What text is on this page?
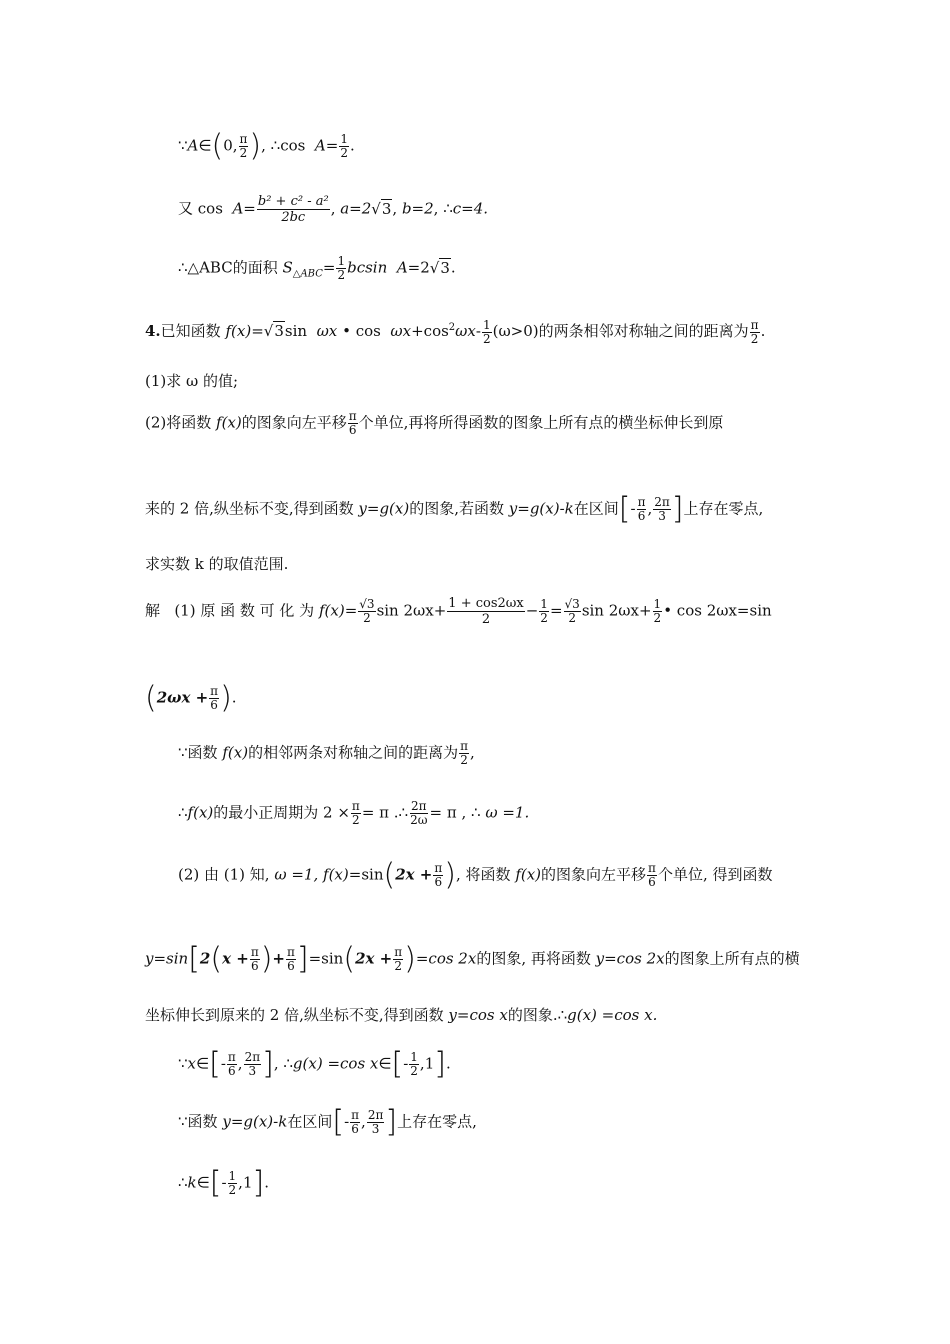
∵A∈(0, $\frac{\pi}{2}$ ), ∴cos $A= \frac{1}{2}$ .
又 $\cos A= \frac{\text{b² + c² - a²}}{2bc}$ , a=2√3, b=2, ∴c=4.
∴△ABC的面积 $S_{\triangle ABC}= \frac{1}{2}$ bcsin A=2√3.
4.已知函数 f(x)=√3sin ωx • $\cos \omega x+\cos^2\omega x- \frac{1}{2} (\omega>0)$的两条相邻对称轴之间的距离为 $\frac{\pi}{2}$ .
(1)求 ω 的值;
(2)将函数 f(x)的图象向左平移 $\frac{\pi}{6}$ 个单位,再将所得函数的图象上所有点的横坐标伸长到原
来的 2 倍,纵坐标不变,得到函数 y=g(x)的图象,若函数 y=g(x)-k在区间[- $\frac{\pi}{6}$ , $\frac{2\pi}{3}$ ]上存在零点,
求实数 k 的取值范围.
解 (1) 原 函 数 可 化 为 $f(x)= \frac{√3}{2}$ $\sin 2\omega x+ \frac{1 + \cos 2\omega x}{2} - \frac{1}{2} = \frac{√3}{2}$ $\sin 2\omega x+ \frac{1}{2}$ • cos 2ωx=sin
($2\omega x + \frac{\pi}{6}$ ).
∵函数 f(x)的相邻两条对称轴之间的距离为 $\frac{\pi}{2}$ ,
∴f(x)的最小正周期为 $2 \times \frac{\pi}{2} = \pi$ .∴ $\frac{2\pi}{2\omega} = \pi$ , ∴ ω =1.
(2) 由 (1) 知, ω =1, $f(x)=\sin(2x + \frac{\pi}{6}$ ), 将函数 f(x)的图象向左平移 $\frac{\pi}{6}$ 个单位, 得到函数
$y=\sin[2(x + \frac{\pi}{6}$ )+ $\frac{\pi}{6} ]=\sin(2x + \frac{\pi}{2} )=\cos$ 2x的图象, 再将函数 y=cos 2x的图象上所有点的横
坐标伸长到原来的 2 倍,纵坐标不变,得到函数 y=cos x的图象.∴g(x) =cos x.
∵x∈[- $\frac{\pi}{6}$ , $\frac{2\pi}{3}$ ], ∴g(x) =cos x∈[- $\frac{1}{2} ,1$].
∵函数 y=g(x)-k在区间[- $\frac{\pi}{6}$ , $\frac{2\pi}{3}$ ]上存在零点,
∴k∈[- $\frac{1}{2} ,1$].
